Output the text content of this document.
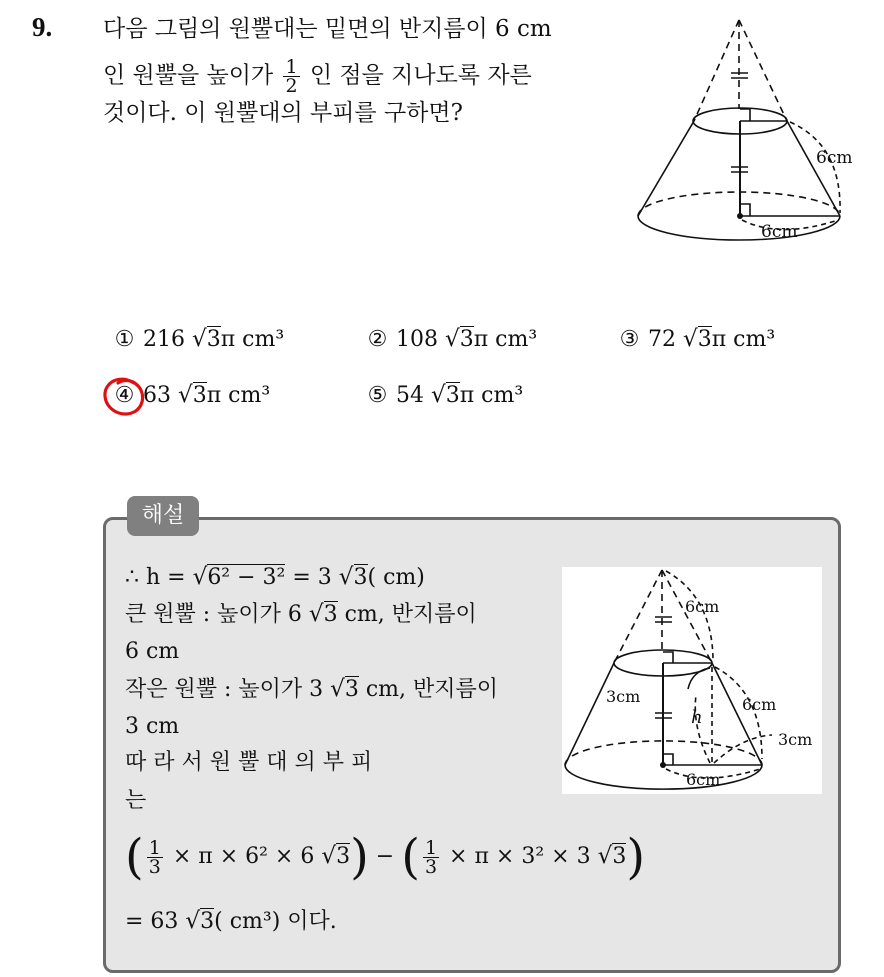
9. 다음 그림의 원뿔대는 밑면의 반지름이 6 cm
인 원뿔을 높이가 $\frac{1}{2}$ 인 점을 지나도록 자른
것이다. 이 원뿔대의 부피를 구하면?
6cm
6cm
① 216 √3π cm³	② 108 √3π cm³	③ 72 √3π cm³
④ 63 √3π cm³	⑤ 54 √3π cm³
해설
∴ h = √6² − 3² = 3 √3( cm)
큰 원뿔 : 높이가 6 √3 cm, 반지름이
6 cm
작은 원뿔 : 높이가 3 √3 cm, 반지름이
3 cm
따 라 서 원 뿔 대 의 부 피
는
( $\frac{1}{3} \times \pi \times 6^2 \times 6$ √3) − ( $\frac{1}{3} \times \pi \times 3^2 \times 3$ √3)
= 63 √3( cm³) 이다.
6cm
3cm
h
6cm
3cm
6cm
